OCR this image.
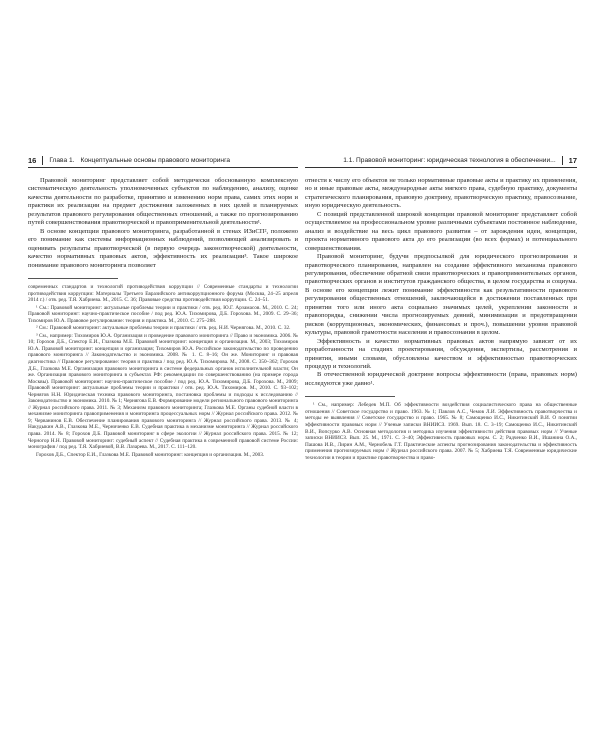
16 Глава 1. Концептуальные основы правового мониторинга

Правовой мониторинг представляет собой методически обоснованную комплексную систематическую деятельность уполномоченных субъектов по наблюдению, анализу, оценке качества деятельности по разработке, принятию и изменению норм права, самих этих норм и практики их реализации на предмет достижения заложенных в них целей и планируемых результатов правового регулирования общественных отношений, а также по прогнозированию путей совершенствования правотворческой и правоприменительной деятельности¹.

В основе концепции правового мониторинга, разработанной в стенах ИЗиСП², положено его понимание как системы информационных наблюдений, позволяющей анализировать и оценивать результаты правотворческой (в первую очередь законотворческой) деятельности, качество нормативных правовых актов, эффективность их реализации³. Такое широкое понимание правового мониторинга позволяет

современных стандартов и технологий противодействия коррупции // Современные стандарты и технологии противодействия коррупции: Материалы Третьего Евразийского антикоррупционного форума (Москва, 24–25 апреля 2014 г.) / отв. ред. Т.Я. Хабриева. М., 2015. С. 36; Правовые средства противодействия коррупции. С. 24–51.

¹ См.: Правовой мониторинг: актуальные проблемы теории и практики / отв. ред. Ю.Г. Арзамасов. М., 2010. С. 24; Правовой мониторинг: научно-практическое пособие / под ред. Ю.А. Тихомирова, Д.Б. Горохова. М., 2009. С. 29–36; Тихомиров Ю.А. Правовое регулирование: теория и практика. М., 2010. С. 275–288.

² См.: Правовой мониторинг: актуальные проблемы теории и практики / отв. ред. Н.И. Чернягова. М., 2010. С. 32.

³ См., например: Тихомиров Ю.А. Организация и проведение правового мониторинга // Право и экономика. 2006. № 10; Горохов Д.Б., Спектор Е.И., Глазкова М.Е. Правовой мониторинг: концепция и организация. М., 2003; Тихомиров Ю.А. Правовой мониторинг: концепция и организация; Тихомиров Ю.А. Российское законодательство по проведению правового мониторинга // Законодательство и экономика. 2008. № 1. С. 8–16; Он же. Мониторинг и правовая диагностика // Правовое регулирование: теория и практика / под ред. Ю.А. Тихомирова. М., 2008. С. 350–362; Горохов Д.Б., Глазкова М.Е. Организация правового мониторинга в системе федеральных органов исполнительной власти; Он же. Организация правового мониторинга в субъектах РФ: рекомендации по совершенствованию (на примере города Москвы). Правовой мониторинг: научно-практическое пособие / под ред. Ю.А. Тихомирова, Д.Б. Горохова. М., 2009; Правовой мониторинг: актуальные проблемы теории и практики / отв. ред. Ю.А. Тихомиров. М., 2010. С. 93–102; Чернягов Н.Н. Юридическая техника правового мониторинга, постановка проблемы и подходы к исследованию // Законодательство и экономика. 2010. № 1; Чернягова Е.В. Формирование модели регионального правового мониторинга // Журнал российского права. 2011. № 3; Механизм правового мониторинга; Глазкова М.Е. Органы судебной власти в механизме мониторинга правоприменения и мониторинга процессуальных норм // Журнал российского права. 2012. № 9; Черванинов Е.В. Обеспечение планирования правового мониторинга // Журнал российского права. 2013. № 4; Накудыкин А.В., Глазкова М.Е., Черниченко Е.В. Судебная практика в механизме мониторинга // Журнал российского права. 2014. № 8; Горохов Д.Б. Правовой мониторинг в сфере экологии // Журнал российского права. 2015. № 12; Черногор Н.Н. Правовой мониторинг: судебный аспект // Судебная практика в современной правовой системе России: монография / под ред. Т.Я. Хабриевой, В.В. Лазарева. М., 2017. С. 111–120.

Горохов Д.Б., Спектор Е.И., Глазкова М.Е. Правовой мониторинг: концепция и организация. М., 2003.

1.1. Правовой мониторинг: юридическая технология в обеспечении... 17

отнести к числу его объектов не только нормативные правовые акты и практику их применения, но и иные правовые акты, международные акты мягкого права, судебную практику, документы стратегического планирования, правовую доктрину, правотворческую практику, правосознание, иную юридическую деятельность.

С позиций представленной широкой концепции правовой мониторинг представляет собой осуществляемое на профессиональном уровне различными субъектами постоянное наблюдение, анализ и воздействие на весь цикл правового развития – от зарождения идеи, концепции, проекта нормативного правового акта до его реализации (во всех формах) и потенциального совершенствования.

Правовой мониторинг, будучи предпосылкой для юридического прогнозирования и правотворческого планирования, направлен на создание эффективного механизма правового регулирования, обеспечение обратной связи правотворческих и правоприменительных органов, правотворческих органов и институтов гражданского общества, в целом государства и социума. В основе его концепции лежит понимание эффективности как результативности правового регулирования общественных отношений, заключающейся в достижении поставленных при принятии того или иного акта социально значимых целей, укреплении законности и правопорядка, снижении числа прогнозируемых деяний, минимизации и предотвращении рисков (коррупционных, экономических, финансовых и проч.), повышении уровня правовой культуры, правовой грамотности населения и правосознания в целом.

Эффективность и качество нормативных правовых актов напрямую зависят от их проработанности на стадиях проектирования, обсуждения, экспертизы, рассмотрения и принятия, иными словами, обусловлены качеством и эффективностью правотворческих процедур и технологий.

В отечественной юридической доктрине вопросы эффективности (права, правовых норм) исследуются уже давно¹.

¹ См., например: Лебедев М.П. Об эффективности воздействия социалистического права на общественные отношения // Советское государство и право. 1963. № 1; Павлов А.С., Чемов Л.И. Эффективность правотворчества и методы ее выявления // Советское государство и право. 1965. № 8; Самощенко И.С., Никитинский В.И. О понятии эффективности правовых норм // Ученые записки ВНИИСЗ. 1969. Вып. 18. С. 3–19; Самощенко И.С., Никитинский В.И., Вопсурко А.В. Основная методология и методика изучения эффективности действия правовых норм // Ученые записки ВНИИСЗ. Вып. 25. М., 1971. С. 3–40; Эффективность правовых норм. С. 2; Радченко В.И., Ишанина О.А., Пашова И.В., Лирин А.М., Чернобель Г.Т. Практические аспекты прогнозирования законодательства и эффективность применения прогнозируемых норм // Журнал российского права. 2007. № 5; Хабриева Т.Я. Современные юридические технологии в теории и практике правотворчества и право-
